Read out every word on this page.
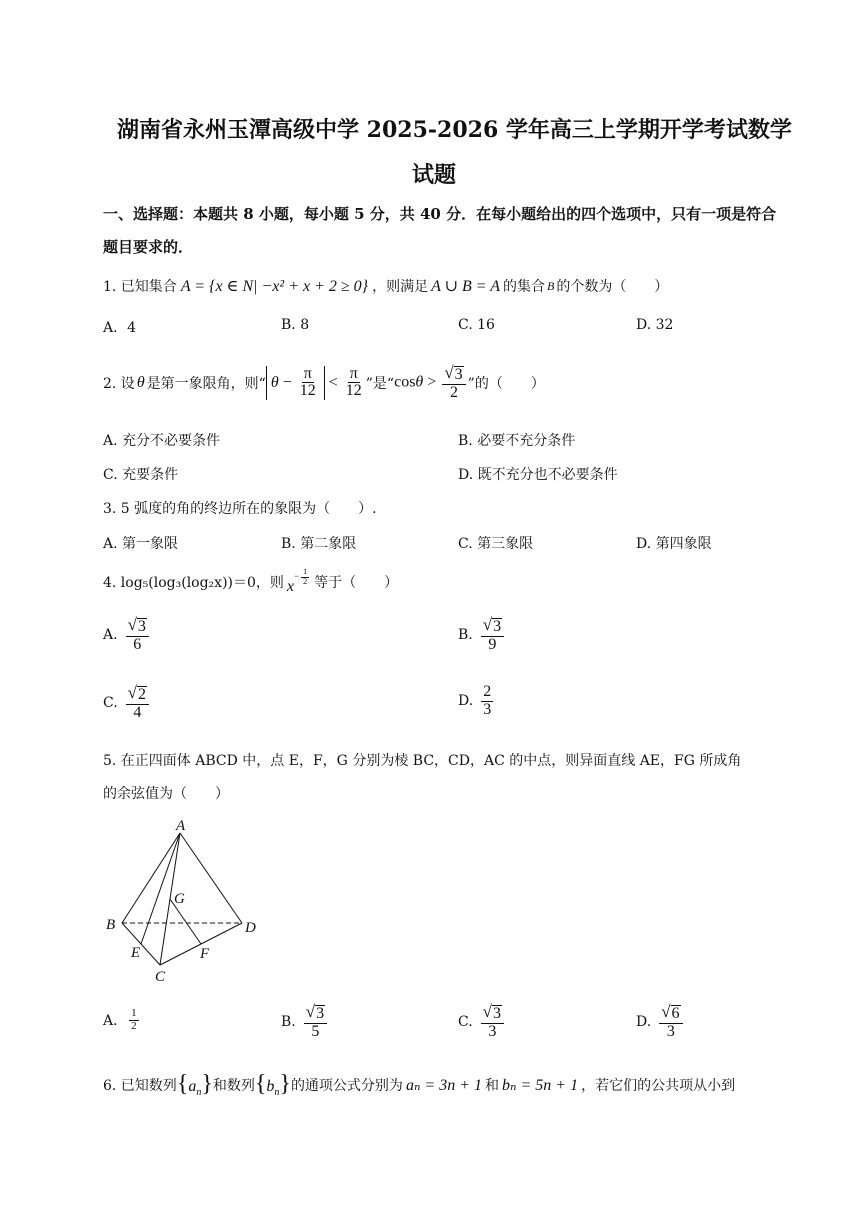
湖南省永州玉潭高级中学 2025-2026 学年高三上学期开学考试数学
试题
一、选择题：本题共 8 小题，每小题 5 分，共 40 分．在每小题给出的四个选项中，只有一项是符合
题目要求的．
1. 已知集合 A = {x ∈ N| −x² + x + 2 ≥ 0} ，则满足 A ∪ B = A 的集合 B 的个数为（　　）
A．4	B. 8	C. 16	D. 32
2. 设 θ 是第一象限角，则“ $\theta - \frac{\pi}{12} < \frac{\pi}{12}$ ”是“ $\cos\theta > \frac{√ 3}{2}$ ”的（　　）
A. 充分不必要条件	B. 必要不充分条件
C. 充要条件	D. 既不充分也不必要条件
3. 5 弧度的角的终边所在的象限为（　　）.
A. 第一象限	B. 第二象限	C. 第三象限	D. 第四象限
4. log₅(log₃(log₂x))＝0，则 $x^{- \frac{1}{2}}$ 等于（　　）
A. $\frac{√ 3}{6}$	B. $\frac{√ 3}{9}$
C. $\frac{√ 2}{4}$	D. $\frac{2}{3}$
5. 在正四面体 ABCD 中，点 E，F，G 分别为棱 BC，CD，AC 的中点，则异面直线 AE，FG 所成角
的余弦值为（　　）
A
B
C
D
E	F
G
A． $\frac{1}{2}$	B. $\frac{√ 3}{5}$	C. $\frac{√ 3}{3}$	D. $\frac{√ 6}{3}$
6. 已知数列 $\{a_n\}$ 和数列 $\{b_n\}$ 的通项公式分别为 aₙ = 3n + 1 和 bₙ = 5n + 1 ，若它们的公共项从小到
